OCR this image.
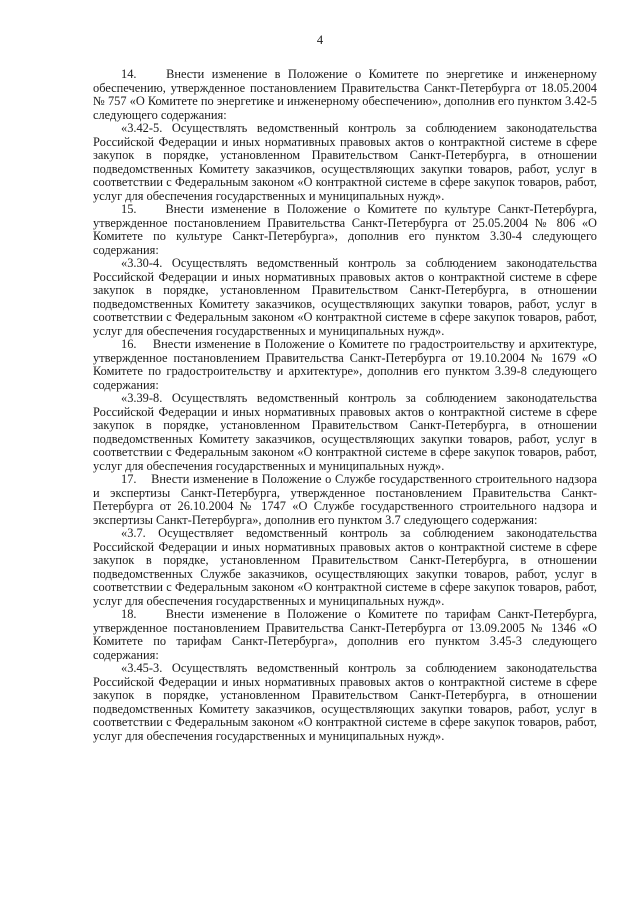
4

14.    Внести изменение в Положение о Комитете по энергетике и инженерному обеспечению, утвержденное постановлением Правительства Санкт-Петербурга от 18.05.2004 № 757 «О Комитете по энергетике и инженерному обеспечению», дополнив его пунктом 3.42-5 следующего содержания:

«3.42-5. Осуществлять ведомственный контроль за соблюдением законодательства Российской Федерации и иных нормативных правовых актов о контрактной системе в сфере закупок в порядке, установленном Правительством Санкт-Петербурга, в отношении подведомственных Комитету заказчиков, осуществляющих закупки товаров, работ, услуг в соответствии с Федеральным законом «О контрактной системе в сфере закупок товаров, работ, услуг для обеспечения государственных и муниципальных нужд».

15.    Внести изменение в Положение о Комитете по культуре Санкт-Петербурга, утвержденное постановлением Правительства Санкт-Петербурга от 25.05.2004 № 806 «О Комитете по культуре Санкт-Петербурга», дополнив его пунктом 3.30-4 следующего содержания:

«3.30-4. Осуществлять ведомственный контроль за соблюдением законодательства Российской Федерации и иных нормативных правовых актов о контрактной системе в сфере закупок в порядке, установленном Правительством Санкт-Петербурга, в отношении подведомственных Комитету заказчиков, осуществляющих закупки товаров, работ, услуг в соответствии с Федеральным законом «О контрактной системе в сфере закупок товаров, работ, услуг для обеспечения государственных и муниципальных нужд».

16.    Внести изменение в Положение о Комитете по градостроительству и архитектуре, утвержденное постановлением Правительства Санкт-Петербурга от 19.10.2004 № 1679 «О Комитете по градостроительству и архитектуре», дополнив его пунктом 3.39-8 следующего содержания:

«3.39-8. Осуществлять ведомственный контроль за соблюдением законодательства Российской Федерации и иных нормативных правовых актов о контрактной системе в сфере закупок в порядке, установленном Правительством Санкт-Петербурга, в отношении подведомственных Комитету заказчиков, осуществляющих закупки товаров, работ, услуг в соответствии с Федеральным законом «О контрактной системе в сфере закупок товаров, работ, услуг для обеспечения государственных и муниципальных нужд».

17.    Внести изменение в Положение о Службе государственного строительного надзора и экспертизы Санкт-Петербурга, утвержденное постановлением Правительства Санкт-Петербурга от 26.10.2004 № 1747 «О Службе государственного строительного надзора и экспертизы Санкт-Петербурга», дополнив его пунктом 3.7 следующего содержания:

«3.7. Осуществляет ведомственный контроль за соблюдением законодательства Российской Федерации и иных нормативных правовых актов о контрактной системе в сфере закупок в порядке, установленном Правительством Санкт-Петербурга, в отношении подведомственных Службе заказчиков, осуществляющих закупки товаров, работ, услуг в соответствии с Федеральным законом «О контрактной системе в сфере закупок товаров, работ, услуг для обеспечения государственных и муниципальных нужд».

18.    Внести изменение в Положение о Комитете по тарифам Санкт-Петербурга, утвержденное постановлением Правительства Санкт-Петербурга от 13.09.2005 № 1346 «О Комитете по тарифам Санкт-Петербурга», дополнив его пунктом 3.45-3 следующего содержания:

«3.45-3. Осуществлять ведомственный контроль за соблюдением законодательства Российской Федерации и иных нормативных правовых актов о контрактной системе в сфере закупок в порядке, установленном Правительством Санкт-Петербурга, в отношении подведомственных Комитету заказчиков, осуществляющих закупки товаров, работ, услуг в соответствии с Федеральным законом «О контрактной системе в сфере закупок товаров, работ, услуг для обеспечения государственных и муниципальных нужд».
